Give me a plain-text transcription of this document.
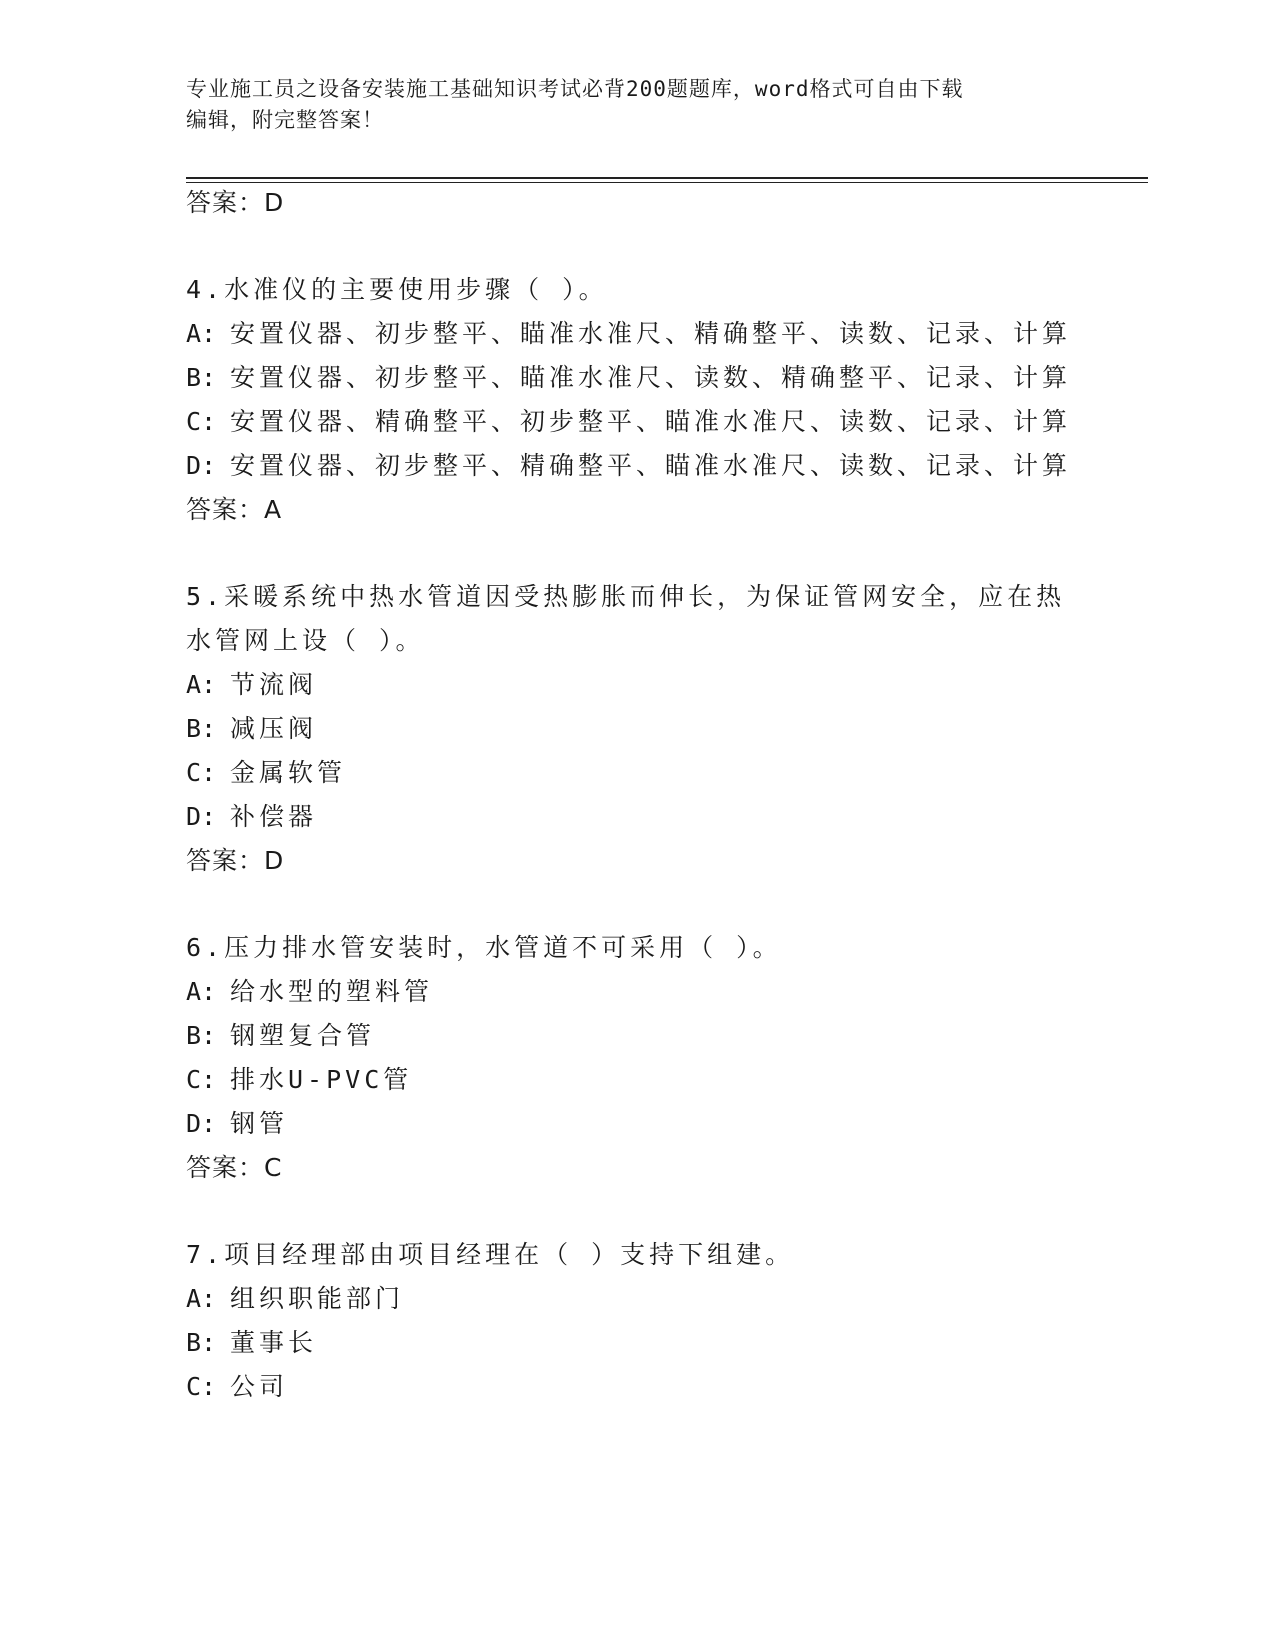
专业施工员之设备安装施工基础知识考试必背200题题库，word格式可自由下载
编辑，附完整答案！
答案：D
4.水准仪的主要使用步骤（ ）。
A: 安置仪器、初步整平、瞄准水准尺、精确整平、读数、记录、计算
B: 安置仪器、初步整平、瞄准水准尺、读数、精确整平、记录、计算
C: 安置仪器、精确整平、初步整平、瞄准水准尺、读数、记录、计算
D: 安置仪器、初步整平、精确整平、瞄准水准尺、读数、记录、计算
答案：A
5.采暖系统中热水管道因受热膨胀而伸长，为保证管网安全，应在热
水管网上设（ ）。
A: 节流阀
B: 减压阀
C: 金属软管
D: 补偿器
答案：D
6.压力排水管安装时，水管道不可采用（ ）。
A: 给水型的塑料管
B: 钢塑复合管
C: 排水U-PVC管
D: 钢管
答案：C
7.项目经理部由项目经理在（ ）支持下组建。
A: 组织职能部门
B: 董事长
C: 公司
